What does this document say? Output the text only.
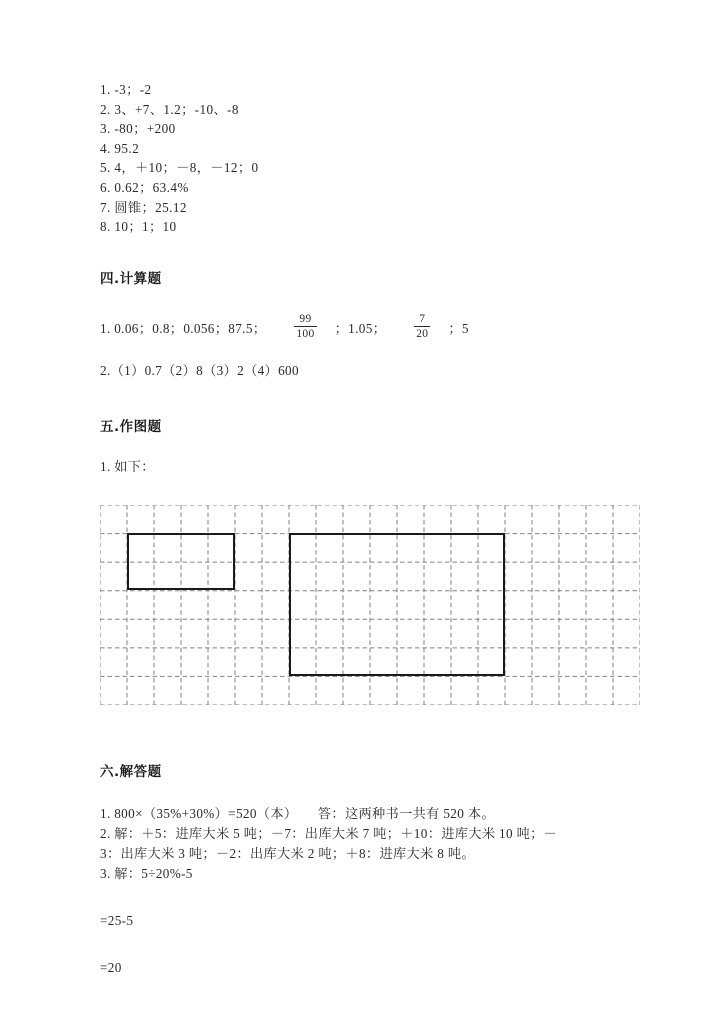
1. -3；-2
2. 3、+7、1.2；-10、-8
3. -80；+200
4. 95.2
5. 4，＋10；－8，－12；0
6. 0.62；63.4%
7. 圆锥；25.12
8. 10；1；10
四.计算题
1. 0.06；0.8；0.056；87.5； $\frac{99}{100}$ ；1.05； $\frac{7}{20}$ ；5

2.（1）0.7（2）8（3）2（4）600

五.作图题

1. 如下：

六.解答题

1. 800×（35%+30%）=520（本）　　答：这两种书一共有 520 本。

2. 解：＋5：进库大米 5 吨；－7：出库大米 7 吨；＋10：进库大米 10 吨；－

3：出库大米 3 吨；－2：出库大米 2 吨；＋8：进库大米 8 吨。

3. 解：5÷20%-5

=25-5

=20
